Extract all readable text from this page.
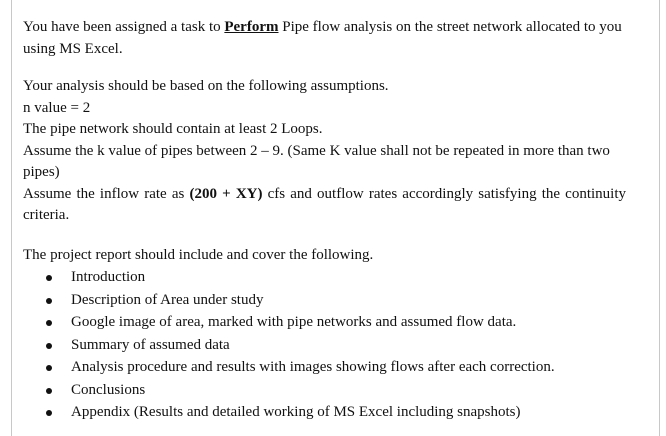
You have been assigned a task to Perform Pipe flow analysis on the street network allocated to you using MS Excel.

Your analysis should be based on the following assumptions.

n value = 2

The pipe network should contain at least 2 Loops.

Assume the k value of pipes between 2 – 9. (Same K value shall not be repeated in more than two pipes)

Assume the inflow rate as (200 + XY) cfs and outflow rates accordingly satisfying the continuity criteria.

The project report should include and cover the following.

Introduction
Description of Area under study
Google image of area, marked with pipe networks and assumed flow data.
Summary of assumed data
Analysis procedure and results with images showing flows after each correction.
Conclusions
Appendix (Results and detailed working of MS Excel including snapshots)
